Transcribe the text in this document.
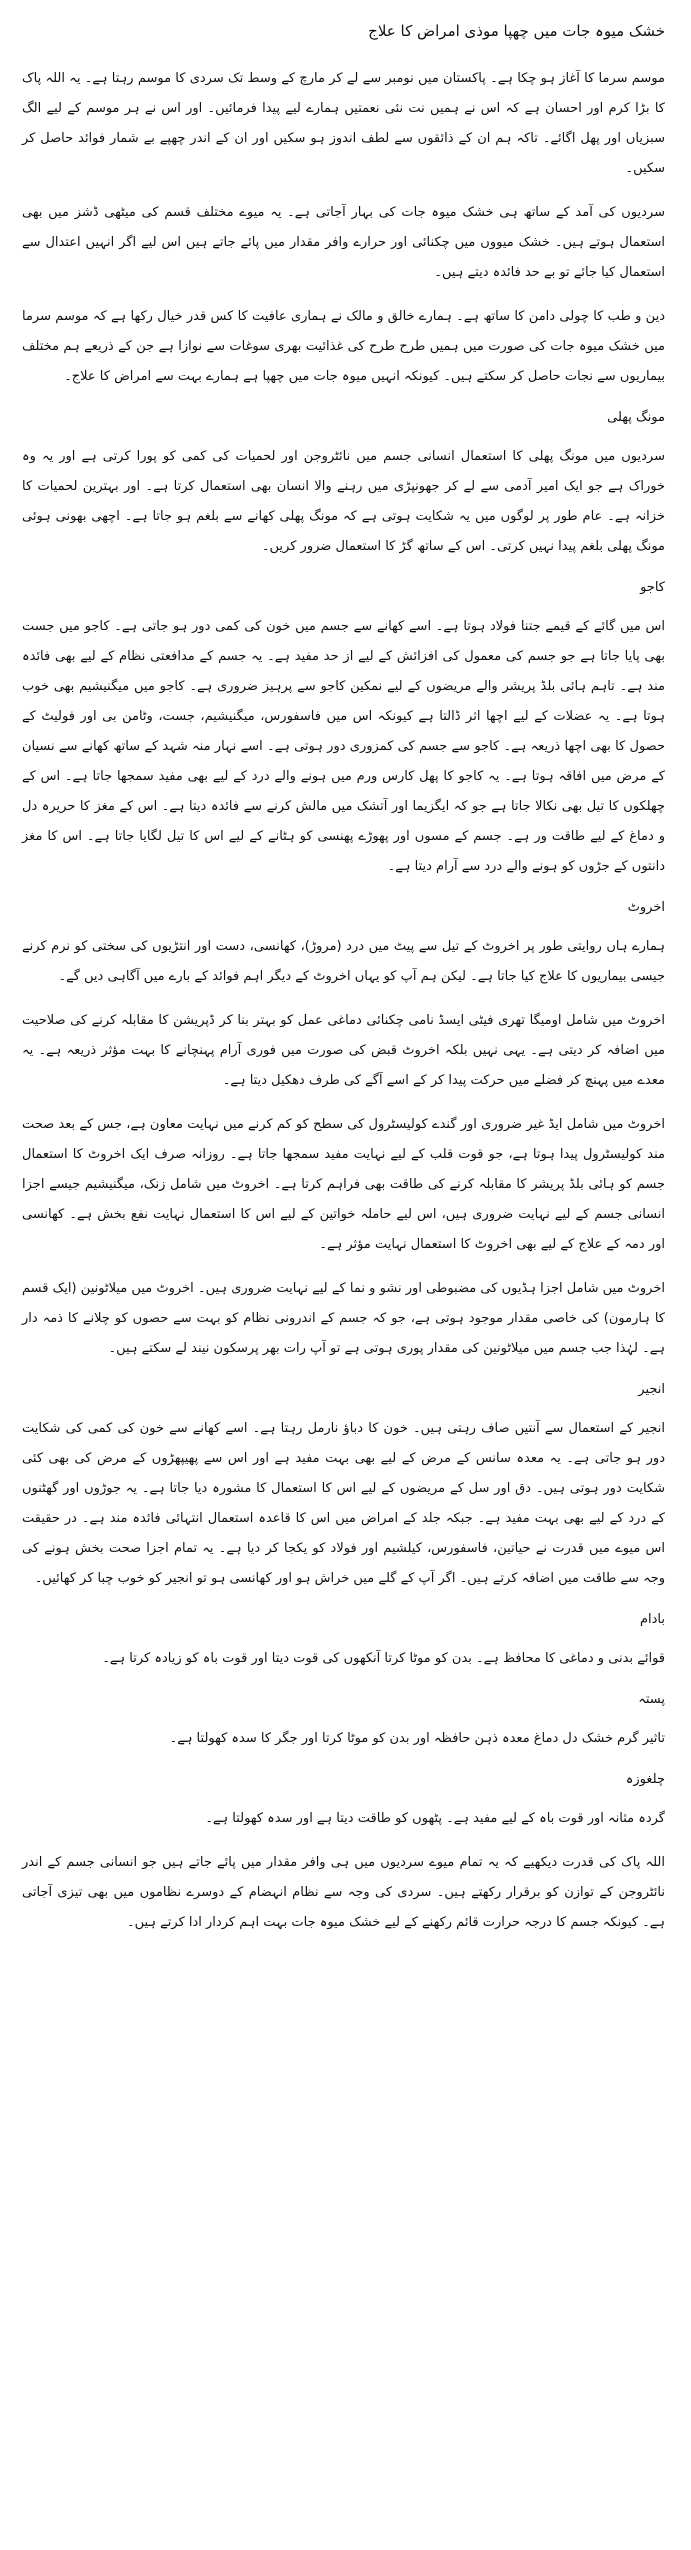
خشک میوہ جات میں چھپا موذی امراض کا علاج

موسم سرما کا آغاز ہو چکا ہے۔ پاکستان میں نومبر سے لے کر مارچ کے وسط تک سردی کا موسم رہتا ہے۔ یہ اللہ پاک کا بڑا کرم اور احسان ہے کہ اس نے ہمیں نت نئی نعمتیں ہمارے لیے پیدا فرمائیں۔ اور اس نے ہر موسم کے لیے الگ سبزیاں اور پھل اگائے۔ تاکہ ہم ان کے ذائقوں سے لطف اندوز ہو سکیں اور ان کے اندر چھپے بے شمار فوائد حاصل کر سکیں۔

سردیوں کی آمد کے ساتھ ہی خشک میوہ جات کی بہار آجاتی ہے۔ یہ میوے مختلف قسم کی میٹھی ڈشز میں بھی استعمال ہوتے ہیں۔ خشک میووں میں چکنائی اور حرارے وافر مقدار میں پائے جاتے ہیں اس لیے اگر انہیں اعتدال سے استعمال کیا جائے تو بے حد فائدہ دیتے ہیں۔

دین و طب کا چولی دامن کا ساتھ ہے۔ ہمارے خالق و مالک نے ہماری عافیت کا کس قدر خیال رکھا ہے کہ موسم سرما میں خشک میوہ جات کی صورت میں ہمیں طرح طرح کی غذائیت بھری سوغات سے نوازا ہے جن کے ذریعے ہم مختلف بیماریوں سے نجات حاصل کر سکتے ہیں۔ کیونکہ انہیں میوہ جات میں چھپا ہے ہمارے بہت سے امراض کا علاج۔

مونگ پھلی

سردیوں میں مونگ پھلی کا استعمال انسانی جسم میں نائٹروجن اور لحمیات کی کمی کو پورا کرتی ہے اور یہ وہ خوراک ہے جو ایک امیر آدمی سے لے کر جھونپڑی میں رہنے والا انسان بھی استعمال کرتا ہے۔ اور بہترین لحمیات کا خزانہ ہے۔ عام طور پر لوگوں میں یہ شکایت ہوتی ہے کہ مونگ پھلی کھانے سے بلغم ہو جاتا ہے۔ اچھی بھونی ہوئی مونگ پھلی بلغم پیدا نہیں کرتی۔ اس کے ساتھ گڑ کا استعمال ضرور کریں۔

کاجو

اس میں گائے کے قیمے جتنا فولاد ہوتا ہے۔ اسے کھانے سے جسم میں خون کی کمی دور ہو جاتی ہے۔ کاجو میں جست بھی پایا جاتا ہے جو جسم کی معمول کی افزائش کے لیے از حد مفید ہے۔ یہ جسم کے مدافعتی نظام کے لیے بھی فائدہ مند ہے۔ تاہم ہائی بلڈ پریشر والے مریضوں کے لیے نمکین کاجو سے پرہیز ضروری ہے۔ کاجو میں میگنیشیم بھی خوب ہوتا ہے۔ یہ عضلات کے لیے اچھا اثر ڈالتا ہے کیونکہ اس میں فاسفورس، میگنیشیم، جست، وٹامن بی اور فولیٹ کے حصول کا بھی اچھا ذریعہ ہے۔ کاجو سے جسم کی کمزوری دور ہوتی ہے۔ اسے نہار منہ شہد کے ساتھ کھانے سے نسیان کے مرض میں افاقہ ہوتا ہے۔ یہ کاجو کا پھل کارس ورم میں ہونے والے درد کے لیے بھی مفید سمجھا جاتا ہے۔ اس کے چھلکوں کا تیل بھی نکالا جاتا ہے جو کہ ایگزیما اور آتشک میں مالش کرنے سے فائدہ دیتا ہے۔ اس کے مغز کا حریرہ دل و دماغ کے لیے طاقت ور ہے۔ جسم کے مسوں اور پھوڑے پھنسی کو ہٹانے کے لیے اس کا تیل لگایا جاتا ہے۔ اس کا مغز دانتوں کے جڑوں کو ہونے والے درد سے آرام دیتا ہے۔

اخروٹ

ہمارے ہاں روایتی طور پر اخروٹ کے تیل سے پیٹ میں درد (مروڑ)، کھانسی، دست اور انتڑیوں کی سختی کو نرم کرنے جیسی بیماریوں کا علاج کیا جاتا ہے۔ لیکن ہم آپ کو یہاں اخروٹ کے دیگر اہم فوائد کے بارے میں آگاہی دیں گے۔

اخروٹ میں شامل اومیگا تھری فیٹی ایسڈ نامی چکنائی دماغی عمل کو بہتر بنا کر ڈپریشن کا مقابلہ کرنے کی صلاحیت میں اضافہ کر دیتی ہے۔ یہی نہیں بلکہ اخروٹ قبض کی صورت میں فوری آرام پہنچانے کا بہت مؤثر ذریعہ ہے۔ یہ معدے میں پہنچ کر فضلے میں حرکت پیدا کر کے اسے آگے کی طرف دھکیل دیتا ہے۔

اخروٹ میں شامل ایڈ غیر ضروری اور گندے کولیسٹرول کی سطح کو کم کرنے میں نہایت معاون ہے، جس کے بعد صحت مند کولیسٹرول پیدا ہوتا ہے، جو قوت قلب کے لیے نہایت مفید سمجھا جاتا ہے۔ روزانہ صرف ایک اخروٹ کا استعمال جسم کو ہائی بلڈ پریشر کا مقابلہ کرنے کی طاقت بھی فراہم کرتا ہے۔ اخروٹ میں شامل زنک، میگنیشیم جیسے اجزا انسانی جسم کے لیے نہایت ضروری ہیں، اس لیے حاملہ خواتین کے لیے اس کا استعمال نہایت نفع بخش ہے۔ کھانسی اور دمہ کے علاج کے لیے بھی اخروٹ کا استعمال نہایت مؤثر ہے۔

اخروٹ میں شامل اجزا ہڈیوں کی مضبوطی اور نشو و نما کے لیے نہایت ضروری ہیں۔ اخروٹ میں میلاٹونین (ایک قسم کا ہارمون) کی خاصی مقدار موجود ہوتی ہے، جو کہ جسم کے اندرونی نظام کو بہت سے حصوں کو چلانے کا ذمہ دار ہے۔ لہٰذا جب جسم میں میلاٹونین کی مقدار پوری ہوتی ہے تو آپ رات بھر پرسکون نیند لے سکتے ہیں۔

انجیر

انجیر کے استعمال سے آنتیں صاف رہتی ہیں۔ خون کا دباؤ نارمل رہتا ہے۔ اسے کھانے سے خون کی کمی کی شکایت دور ہو جاتی ہے۔ یہ معدہ سانس کے مرض کے لیے بھی بہت مفید ہے اور اس سے پھیپھڑوں کے مرض کی بھی کئی شکایت دور ہوتی ہیں۔ دق اور سل کے مریضوں کے لیے اس کا استعمال کا مشورہ دیا جاتا ہے۔ یہ جوڑوں اور گھٹنوں کے درد کے لیے بھی بہت مفید ہے۔ جبکہ جلد کے امراض میں اس کا قاعدہ استعمال انتہائی فائدہ مند ہے۔ در حقیقت اس میوے میں قدرت نے حیاتین، فاسفورس، کیلشیم اور فولاد کو یکجا کر دیا ہے۔ یہ تمام اجزا صحت بخش ہونے کی وجہ سے طاقت میں اضافہ کرتے ہیں۔ اگر آپ کے گلے میں خراش ہو اور کھانسی ہو تو انجیر کو خوب چبا کر کھائیں۔

بادام

قوائے بدنی و دماغی کا محافظ ہے۔ بدن کو موٹا کرتا آنکھوں کی قوت دیتا اور قوت باہ کو زیادہ کرتا ہے۔

پستہ

تاثیر گرم خشک دل دماغ معدہ ذہن حافظہ اور بدن کو موٹا کرتا اور جگر کا سدہ کھولتا ہے۔

چلغوزہ

گردہ مثانہ اور قوت باہ کے لیے مفید ہے۔ پٹھوں کو طاقت دیتا ہے اور سدہ کھولتا ہے۔

اللہ پاک کی قدرت دیکھیے کہ یہ تمام میوے سردیوں میں ہی وافر مقدار میں پائے جاتے ہیں جو انسانی جسم کے اندر نائٹروجن کے توازن کو برقرار رکھتے ہیں۔ سردی کی وجہ سے نظام انہضام کے دوسرے نظاموں میں بھی تیزی آجاتی ہے۔ کیونکہ جسم کا درجہ حرارت قائم رکھنے کے لیے خشک میوہ جات بہت اہم کردار ادا کرتے ہیں۔
